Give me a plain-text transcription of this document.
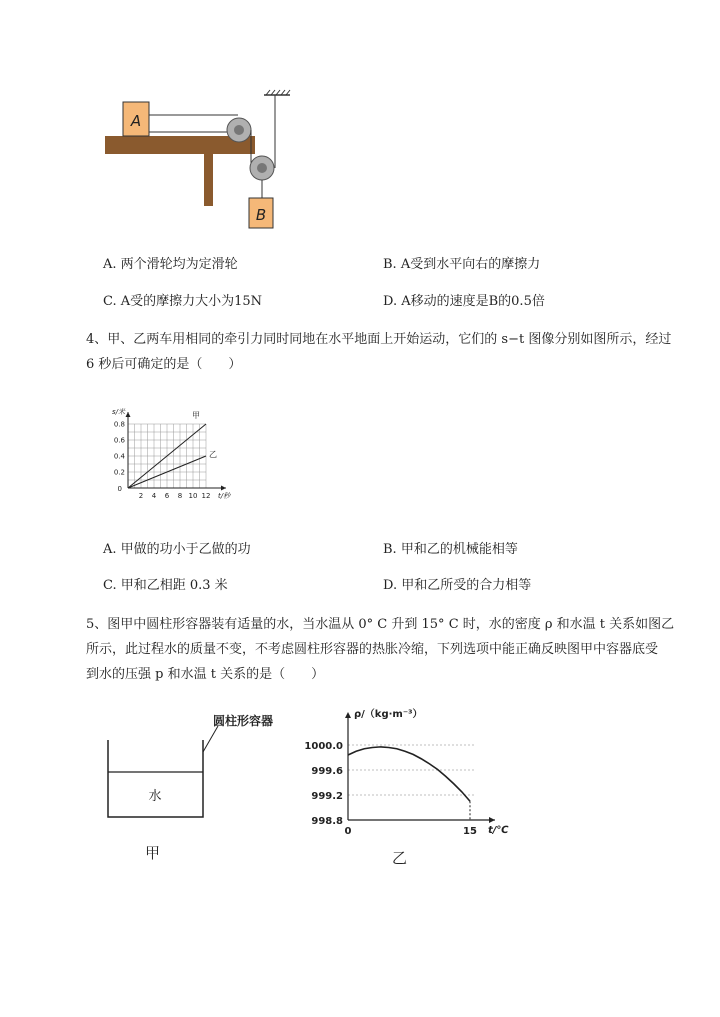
A
B
A. 两个滑轮均为定滑轮	B. A受到水平向右的摩擦力
C. A受的摩擦力大小为15N	D. A移动的速度是B的0.5倍
4、甲、乙两车用相同的牵引力同时同地在水平地面上开始运动，它们的 s−t 图像分别如图所示，经过
6 秒后可确定的是（　　）
2 4 6 8 10 12
0.2
0.4
0.6
0.8
0
s/米
t/秒
甲
乙
A. 甲做的功小于乙做的功	B. 甲和乙的机械能相等
C. 甲和乙相距 0.3 米	D. 甲和乙所受的合力相等
5、图甲中圆柱形容器装有适量的水，当水温从 0° C 升到 15° C 时，水的密度 ρ 和水温 t 关系如图乙
所示，此过程水的质量不变，不考虑圆柱形容器的热胀冷缩，下列选项中能正确反映图甲中容器底受
到水的压强 p 和水温 t 关系的是（　　）
圆柱形容器
水
甲
998.8
999.2
999.6
1000.0
0	15
ρ/（kg·m⁻³）
t/℃
乙
